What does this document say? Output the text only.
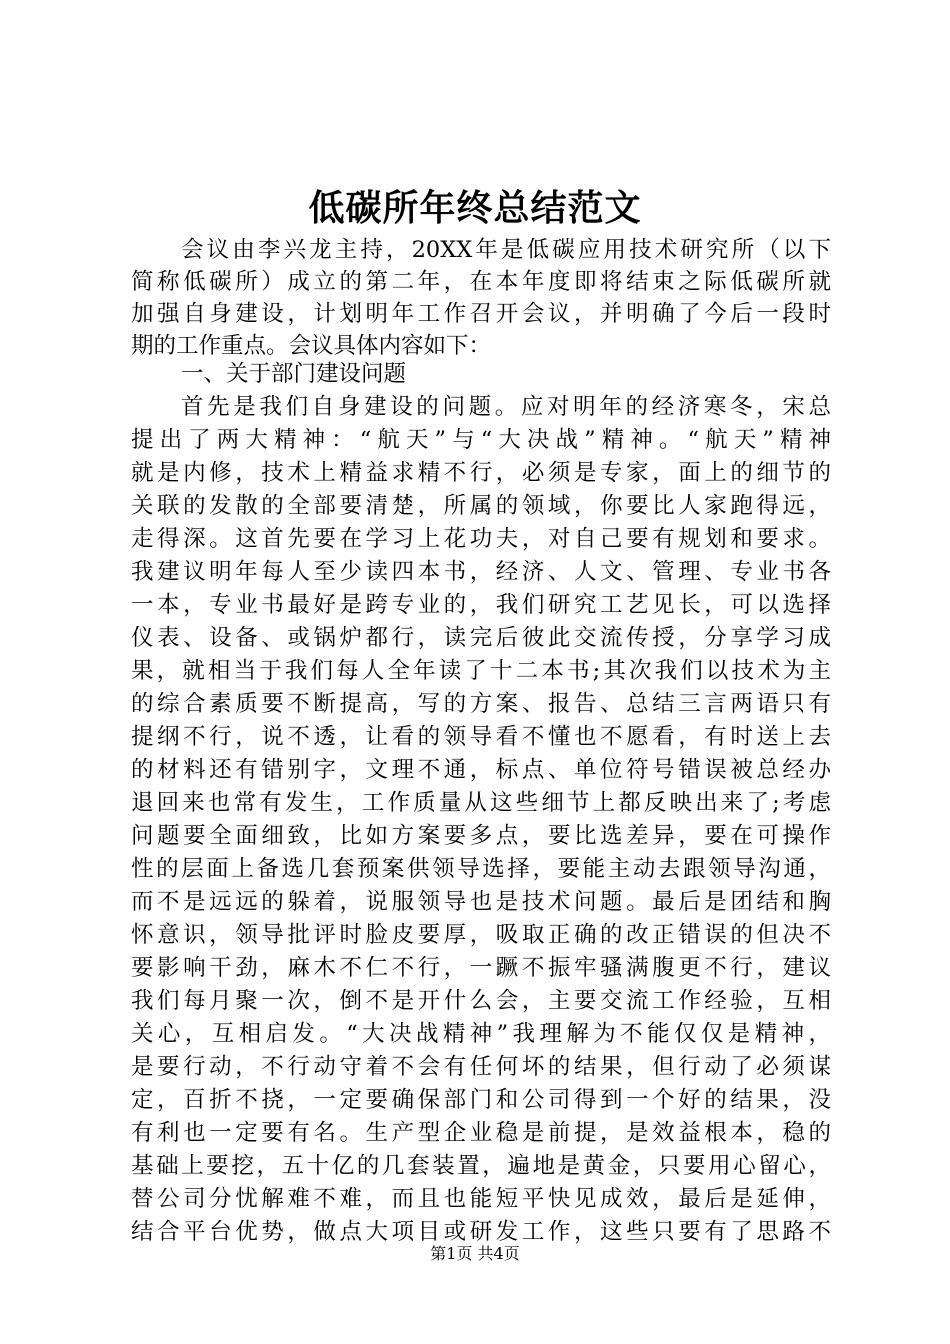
低碳所年终总结范文
会议由李兴龙主持，20XX年是低碳应用技术研究所（以下
简称低碳所）成立的第二年，在本年度即将结束之际低碳所就
加强自身建设，计划明年工作召开会议，并明确了今后一段时
期的工作重点。会议具体内容如下：
一、关于部门建设问题
首先是我们自身建设的问题。应对明年的经济寒冬，宋总
提出了两大精神：“航天”与“大决战”精神。“航天”精神
就是内修，技术上精益求精不行，必须是专家，面上的细节的
关联的发散的全部要清楚，所属的领域，你要比人家跑得远，
走得深。这首先要在学习上花功夫，对自己要有规划和要求。
我建议明年每人至少读四本书，经济、人文、管理、专业书各
一本，专业书最好是跨专业的，我们研究工艺见长，可以选择
仪表、设备、或锅炉都行，读完后彼此交流传授，分享学习成
果，就相当于我们每人全年读了十二本书;其次我们以技术为主
的综合素质要不断提高，写的方案、报告、总结三言两语只有
提纲不行，说不透，让看的领导看不懂也不愿看，有时送上去
的材料还有错别字，文理不通，标点、单位符号错误被总经办
退回来也常有发生，工作质量从这些细节上都反映出来了;考虑
问题要全面细致，比如方案要多点，要比选差异，要在可操作
性的层面上备选几套预案供领导选择，要能主动去跟领导沟通，
而不是远远的躲着，说服领导也是技术问题。最后是团结和胸
怀意识，领导批评时脸皮要厚，吸取正确的改正错误的但决不
要影响干劲，麻木不仁不行，一蹶不振牢骚满腹更不行，建议
我们每月聚一次，倒不是开什么会，主要交流工作经验，互相
关心，互相启发。“大决战精神”我理解为不能仅仅是精神，
是要行动，不行动守着不会有任何坏的结果，但行动了必须谋
定，百折不挠，一定要确保部门和公司得到一个好的结果，没
有利也一定要有名。生产型企业稳是前提，是效益根本，稳的
基础上要挖，五十亿的几套装置，遍地是黄金，只要用心留心，
替公司分忧解难不难，而且也能短平快见成效，最后是延伸，
结合平台优势，做点大项目或研发工作，这些只要有了思路不
第1页 共4页
